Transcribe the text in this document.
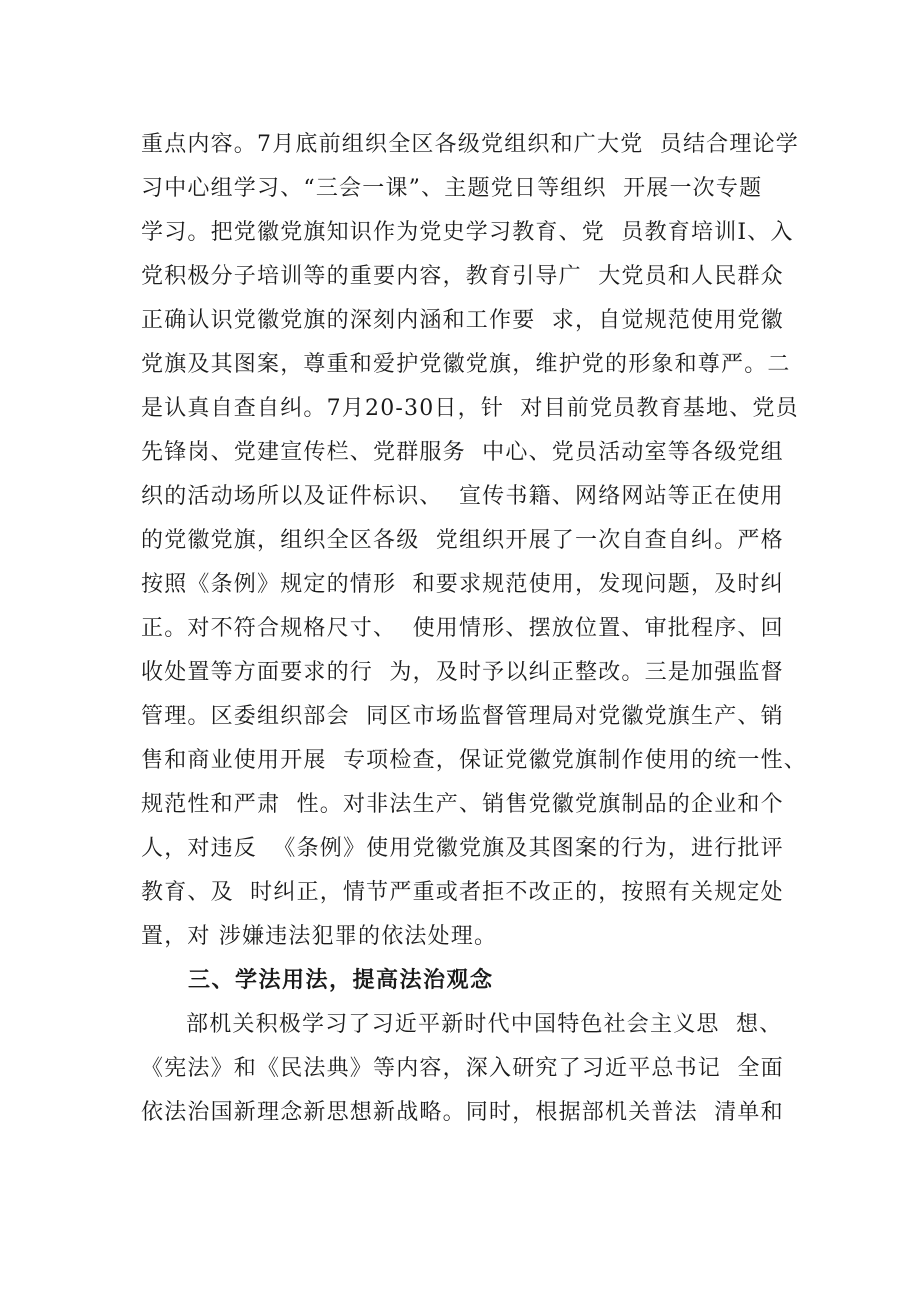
重点内容。7月底前组织全区各级党组织和广大党  员结合理论学
习中心组学习、“三会一课”、主题党日等组织  开展一次专题
学习。把党徽党旗知识作为党史学习教育、党  员教育培训I、入
党积极分子培训等的重要内容，教育引导广  大党员和人民群众
正确认识党徽党旗的深刻内涵和工作要  求，自觉规范使用党徽
党旗及其图案，尊重和爱护党徽党旗，维护党的形象和尊严。二
是认真自查自纠。7月20-30日，针  对目前党员教育基地、党员
先锋岗、党建宣传栏、党群服务  中心、党员活动室等各级党组
织的活动场所以及证件标识、  宣传书籍、网络网站等正在使用
的党徽党旗，组织全区各级  党组织开展了一次自查自纠。严格
按照《条例》规定的情形  和要求规范使用，发现问题，及时纠
正。对不符合规格尺寸、  使用情形、摆放位置、审批程序、回
收处置等方面要求的行  为，及时予以纠正整改。三是加强监督
管理。区委组织部会  同区市场监督管理局对党徽党旗生产、销
售和商业使用开展  专项检查，保证党徽党旗制作使用的统一性、
规范性和严肃  性。对非法生产、销售党徽党旗制品的企业和个
人，对违反  《条例》使用党徽党旗及其图案的行为，进行批评
教育、及  时纠正，情节严重或者拒不改正的，按照有关规定处
置，对 涉嫌违法犯罪的依法处理。
三、学法用法，提高法治观念
部机关积极学习了习近平新时代中国特色社会主义思  想、
《宪法》和《民法典》等内容，深入研究了习近平总书记  全面
依法治国新理念新思想新战略。同时，根据部机关普法  清单和
